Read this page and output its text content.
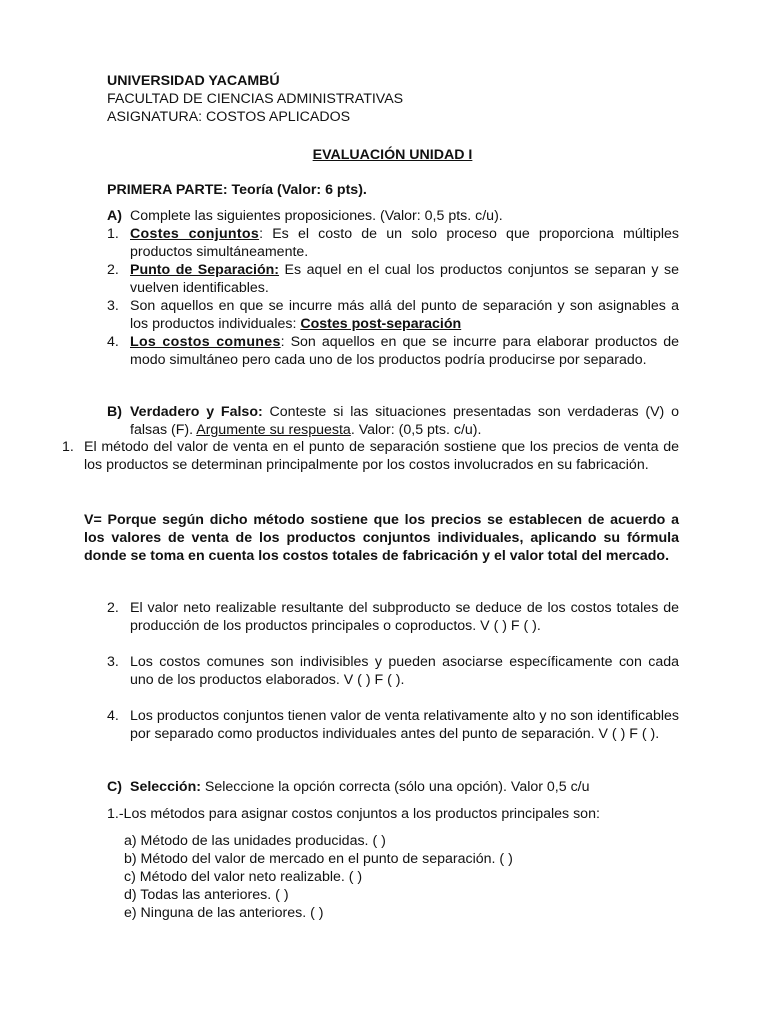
UNIVERSIDAD YACAMBÚ
FACULTAD DE CIENCIAS ADMINISTRATIVAS
ASIGNATURA: COSTOS APLICADOS
EVALUACIÓN UNIDAD I
PRIMERA PARTE: Teoría (Valor: 6 pts).
A) Complete las siguientes proposiciones. (Valor: 0,5 pts. c/u).
1. Costes conjuntos: Es el costo de un solo proceso que proporciona múltiples productos simultáneamente.
2. Punto de Separación: Es aquel en el cual los productos conjuntos se separan y se vuelven identificables.
3. Son aquellos en que se incurre más allá del punto de separación y son asignables a los productos individuales: Costes post-separación
4. Los costos comunes: Son aquellos en que se incurre para elaborar productos de modo simultáneo pero cada uno de los productos podría producirse por separado.
B) Verdadero y Falso: Conteste si las situaciones presentadas son verdaderas (V) o falsas (F). Argumente su respuesta. Valor: (0,5 pts. c/u).
1. El método del valor de venta en el punto de separación sostiene que los precios de venta de los productos se determinan principalmente por los costos involucrados en su fabricación.
V= Porque según dicho método sostiene que los precios se establecen de acuerdo a los valores de venta de los productos conjuntos individuales, aplicando su fórmula donde se toma en cuenta los costos totales de fabricación y el valor total del mercado.
2. El valor neto realizable resultante del subproducto se deduce de los costos totales de producción de los productos principales o coproductos. V ( ) F ( ).
3. Los costos comunes son indivisibles y pueden asociarse específicamente con cada uno de los productos elaborados. V ( ) F ( ).
4. Los productos conjuntos tienen valor de venta relativamente alto y no son identificables por separado como productos individuales antes del punto de separación. V ( ) F ( ).
C) Selección: Seleccione la opción correcta (sólo una opción). Valor 0,5 c/u
1.-Los métodos para asignar costos conjuntos a los productos principales son:
a) Método de las unidades producidas. ( )
b) Método del valor de mercado en el punto de separación. ( )
c) Método del valor neto realizable. ( )
d) Todas las anteriores. ( )
e) Ninguna de las anteriores. ( )
